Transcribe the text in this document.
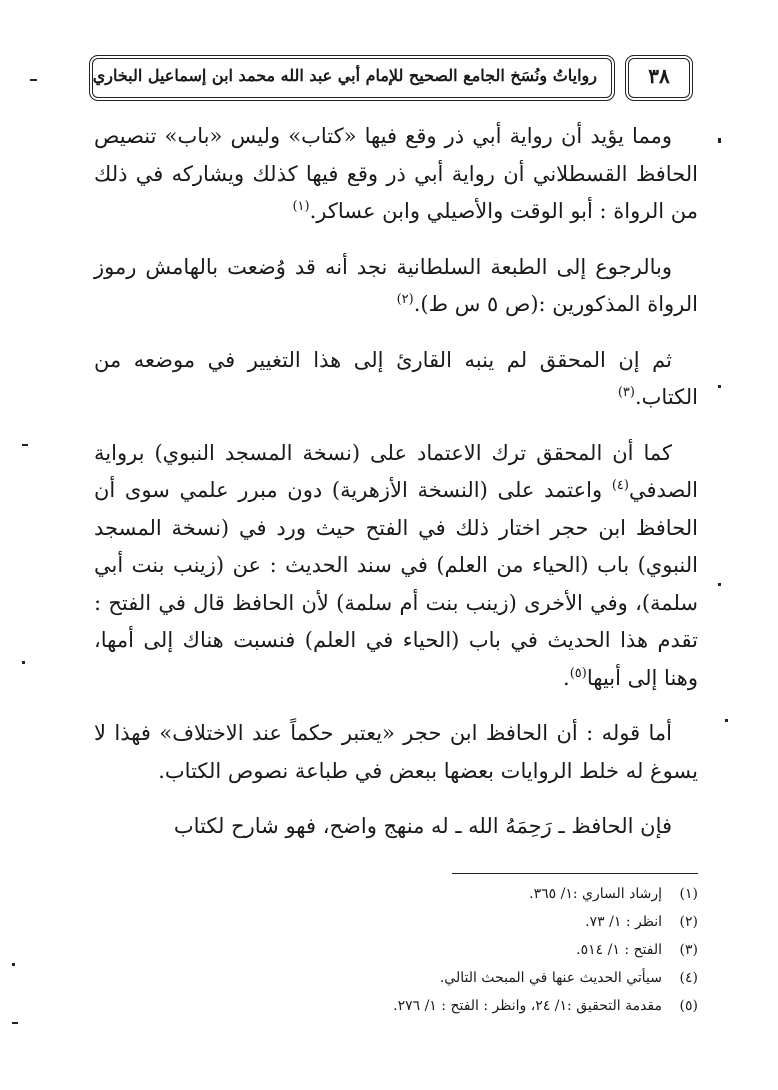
رواياتُ ونُسَخ الجامع الصحيح للإمام أبي عبد الله محمد ابن إسماعيل البخاري	٣٨

ومما يؤيد أن رواية أبي ذر وقع فيها «كتاب» وليس «باب» تنصيص الحافظ القسطلاني أن رواية أبي ذر وقع فيها كذلك ويشاركه في ذلك من الرواة : أبو الوقت والأصيلي وابن عساكر.$^{(١)}$

وبالرجوع إلى الطبعة السلطانية نجد أنه قد وُضعت بالهامش رموز الرواة المذكورين :(ص ٥ س ط).$^{(٢)}$

ثم إن المحقق لم ينبه القارئ إلى هذا التغيير في موضعه من الكتاب.$^{(٣)}$

كما أن المحقق ترك الاعتماد على (نسخة المسجد النبوي) برواية الصدفي$^{(٤)}$ واعتمد على (النسخة الأزهرية) دون مبرر علمي سوى أن الحافظ ابن حجر اختار ذلك في الفتح حيث ورد في (نسخة المسجد النبوي) باب (الحياء من العلم) في سند الحديث : عن (زينب بنت أبي سلمة)، وفي الأخرى (زينب بنت أم سلمة) لأن الحافظ قال في الفتح : تقدم هذا الحديث في باب (الحياء في العلم) فنسبت هناك إلى أمها، وهنا إلى أبيها$^{(٥)}$.

أما قوله : أن الحافظ ابن حجر «يعتبر حكماً عند الاختلاف» فهذا لا يسوغ له خلط الروايات بعضها ببعض في طباعة نصوص الكتاب.

فإن الحافظ ـ رَحِمَهُ الله ـ له منهج واضح، فهو شارح لكتاب

(١)
إرشاد الساري :١/ ٣٦٥.
(٢)
انظر : ١/ ٧٣.
(٣)
الفتح : ١/ ٥١٤.
(٤)
سيأتي الحديث عنها في المبحث التالي.
(٥)
مقدمة التحقيق :١/ ٢٤، وانظر : الفتح : ١/ ٢٧٦.
